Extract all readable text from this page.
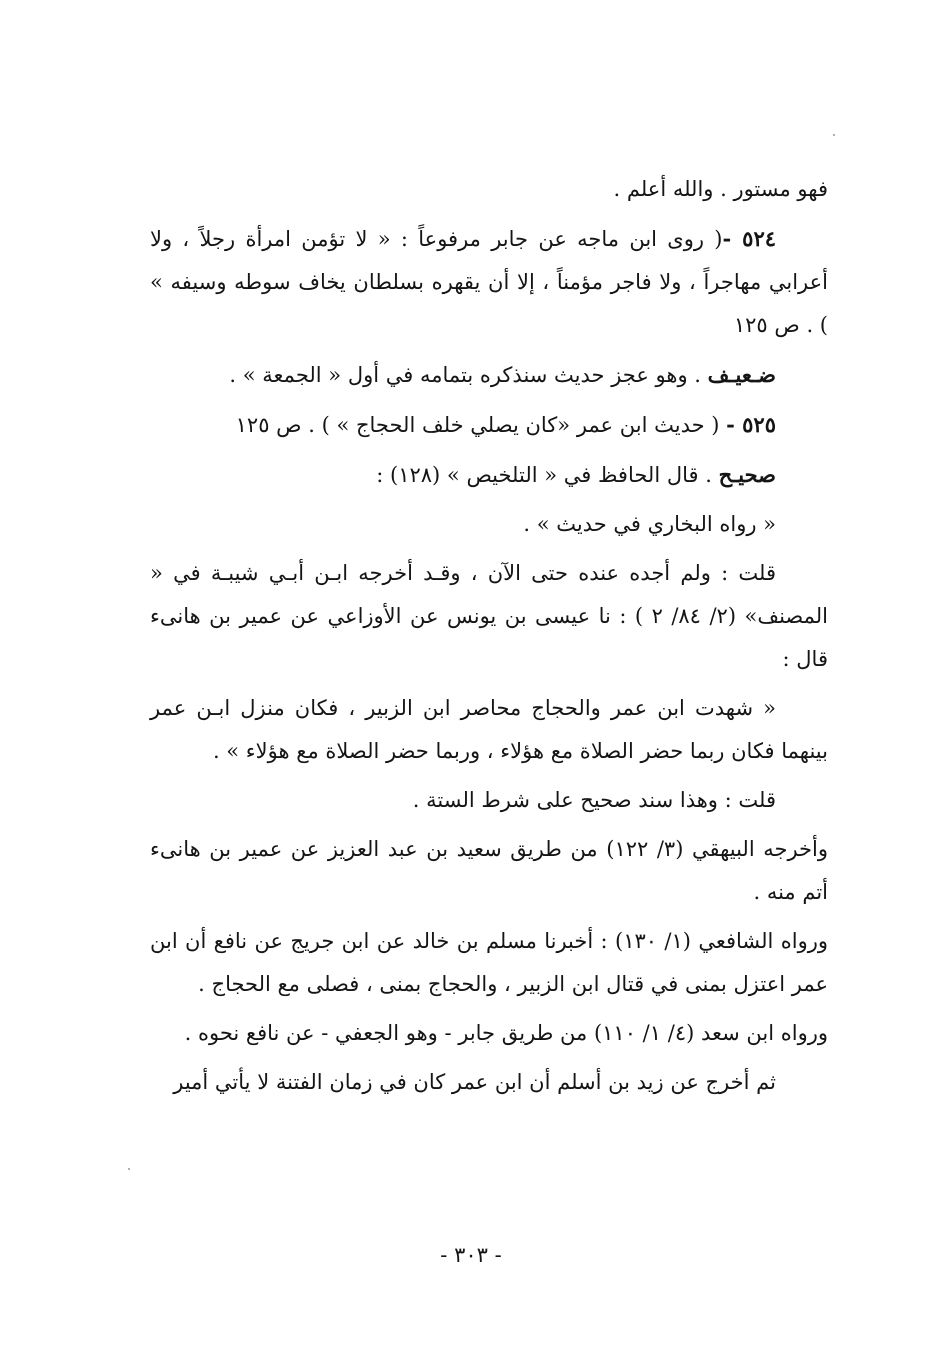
فهو مستور . والله أعلم .

٥٢٤ -( روى ابن ماجه عن جابر مرفوعاً : « لا تؤمن امرأة رجلاً ، ولا أعرابي مهاجراً ، ولا فاجر مؤمناً ، إلا أن يقهره بسلطان يخاف سوطه وسيفه » ) . ص ١٢٥

ضـعيـف . وهو عجز حديث سنذكره بتمامه في أول « الجمعة » .

٥٢٥ - ( حديث ابن عمر «كان يصلي خلف الحجاج » ) . ص ١٢٥

صحيـح . قال الحافظ في « التلخيص » (١٢٨) :

« رواه البخاري في حديث » .

قلت : ولم أجده عنده حتى الآن ، وقـد أخرجه ابـن أبـي شيبـة في « المصنف» (٢/ ٨٤/ ٢ ) : نا عيسى بن يونس عن الأوزاعي عن عمير بن هانىء قال :

« شهدت ابن عمر والحجاج محاصر ابن الزبير ، فكان منزل ابـن عمر بينهما فكان ربما حضر الصلاة مع هؤلاء ، وربما حضر الصلاة مع هؤلاء » .

قلت : وهذا سند صحيح على شرط الستة .

وأخرجه البيهقي (٣/ ١٢٢) من طريق سعيد بن عبد العزيز عن عمير بن هانىء أتم منه .

ورواه الشافعي (١/ ١٣٠) : أخبرنا مسلم بن خالد عن ابن جريج عن نافع أن ابن عمر اعتزل بمنى في قتال ابن الزبير ، والحجاج بمنى ، فصلى مع الحجاج .

ورواه ابن سعد (٤/ ١/ ١١٠) من طريق جابر - وهو الجعفي - عن نافع نحوه .

ثم أخرج عن زيد بن أسلم أن ابن عمر كان في زمان الفتنة لا يأتي أمير

- ٣٠٣ -
